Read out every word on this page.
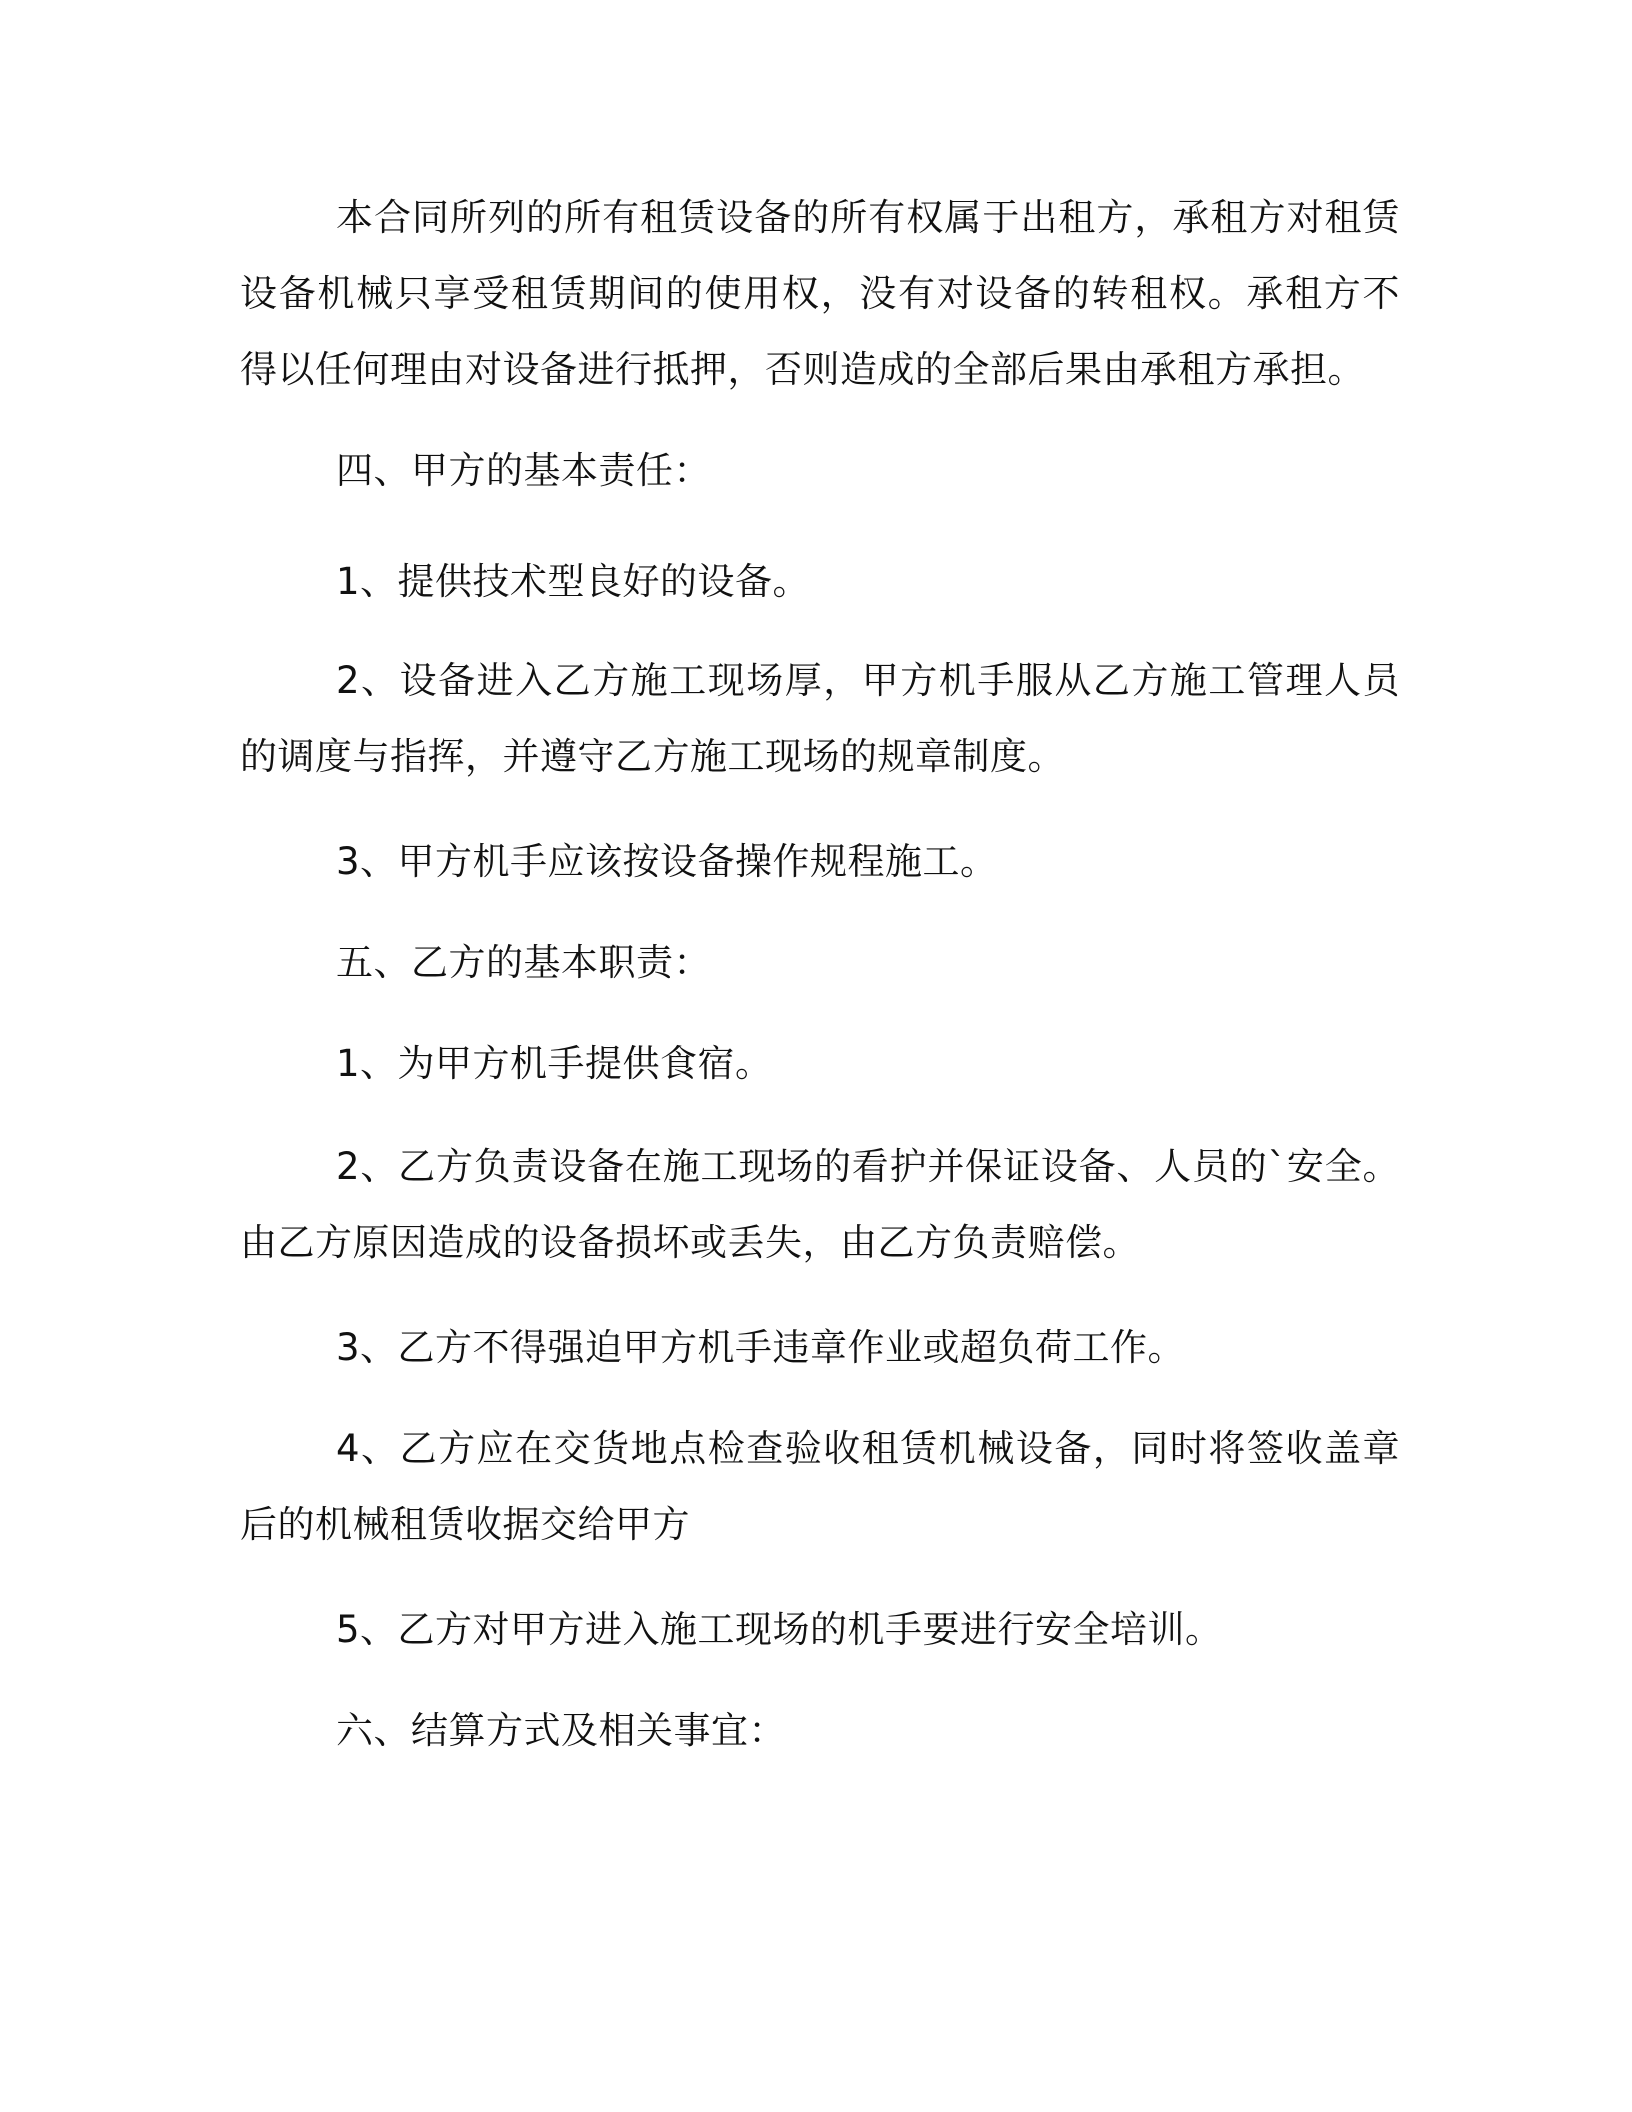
本合同所列的所有租赁设备的所有权属于出租方，承租方对租赁设备机械只享受租赁期间的使用权，没有对设备的转租权。承租方不得以任何理由对设备进行抵押，否则造成的全部后果由承租方承担。

四、甲方的基本责任：

1、提供技术型良好的设备。

2、设备进入乙方施工现场厚，甲方机手服从乙方施工管理人员的调度与指挥，并遵守乙方施工现场的规章制度。

3、甲方机手应该按设备操作规程施工。

五、乙方的基本职责：

1、为甲方机手提供食宿。

2、乙方负责设备在施工现场的看护并保证设备、人员的`安全。由乙方原因造成的设备损坏或丢失，由乙方负责赔偿。

3、乙方不得强迫甲方机手违章作业或超负荷工作。

4、乙方应在交货地点检查验收租赁机械设备，同时将签收盖章后的机械租赁收据交给甲方

5、乙方对甲方进入施工现场的机手要进行安全培训。

六、结算方式及相关事宜：
